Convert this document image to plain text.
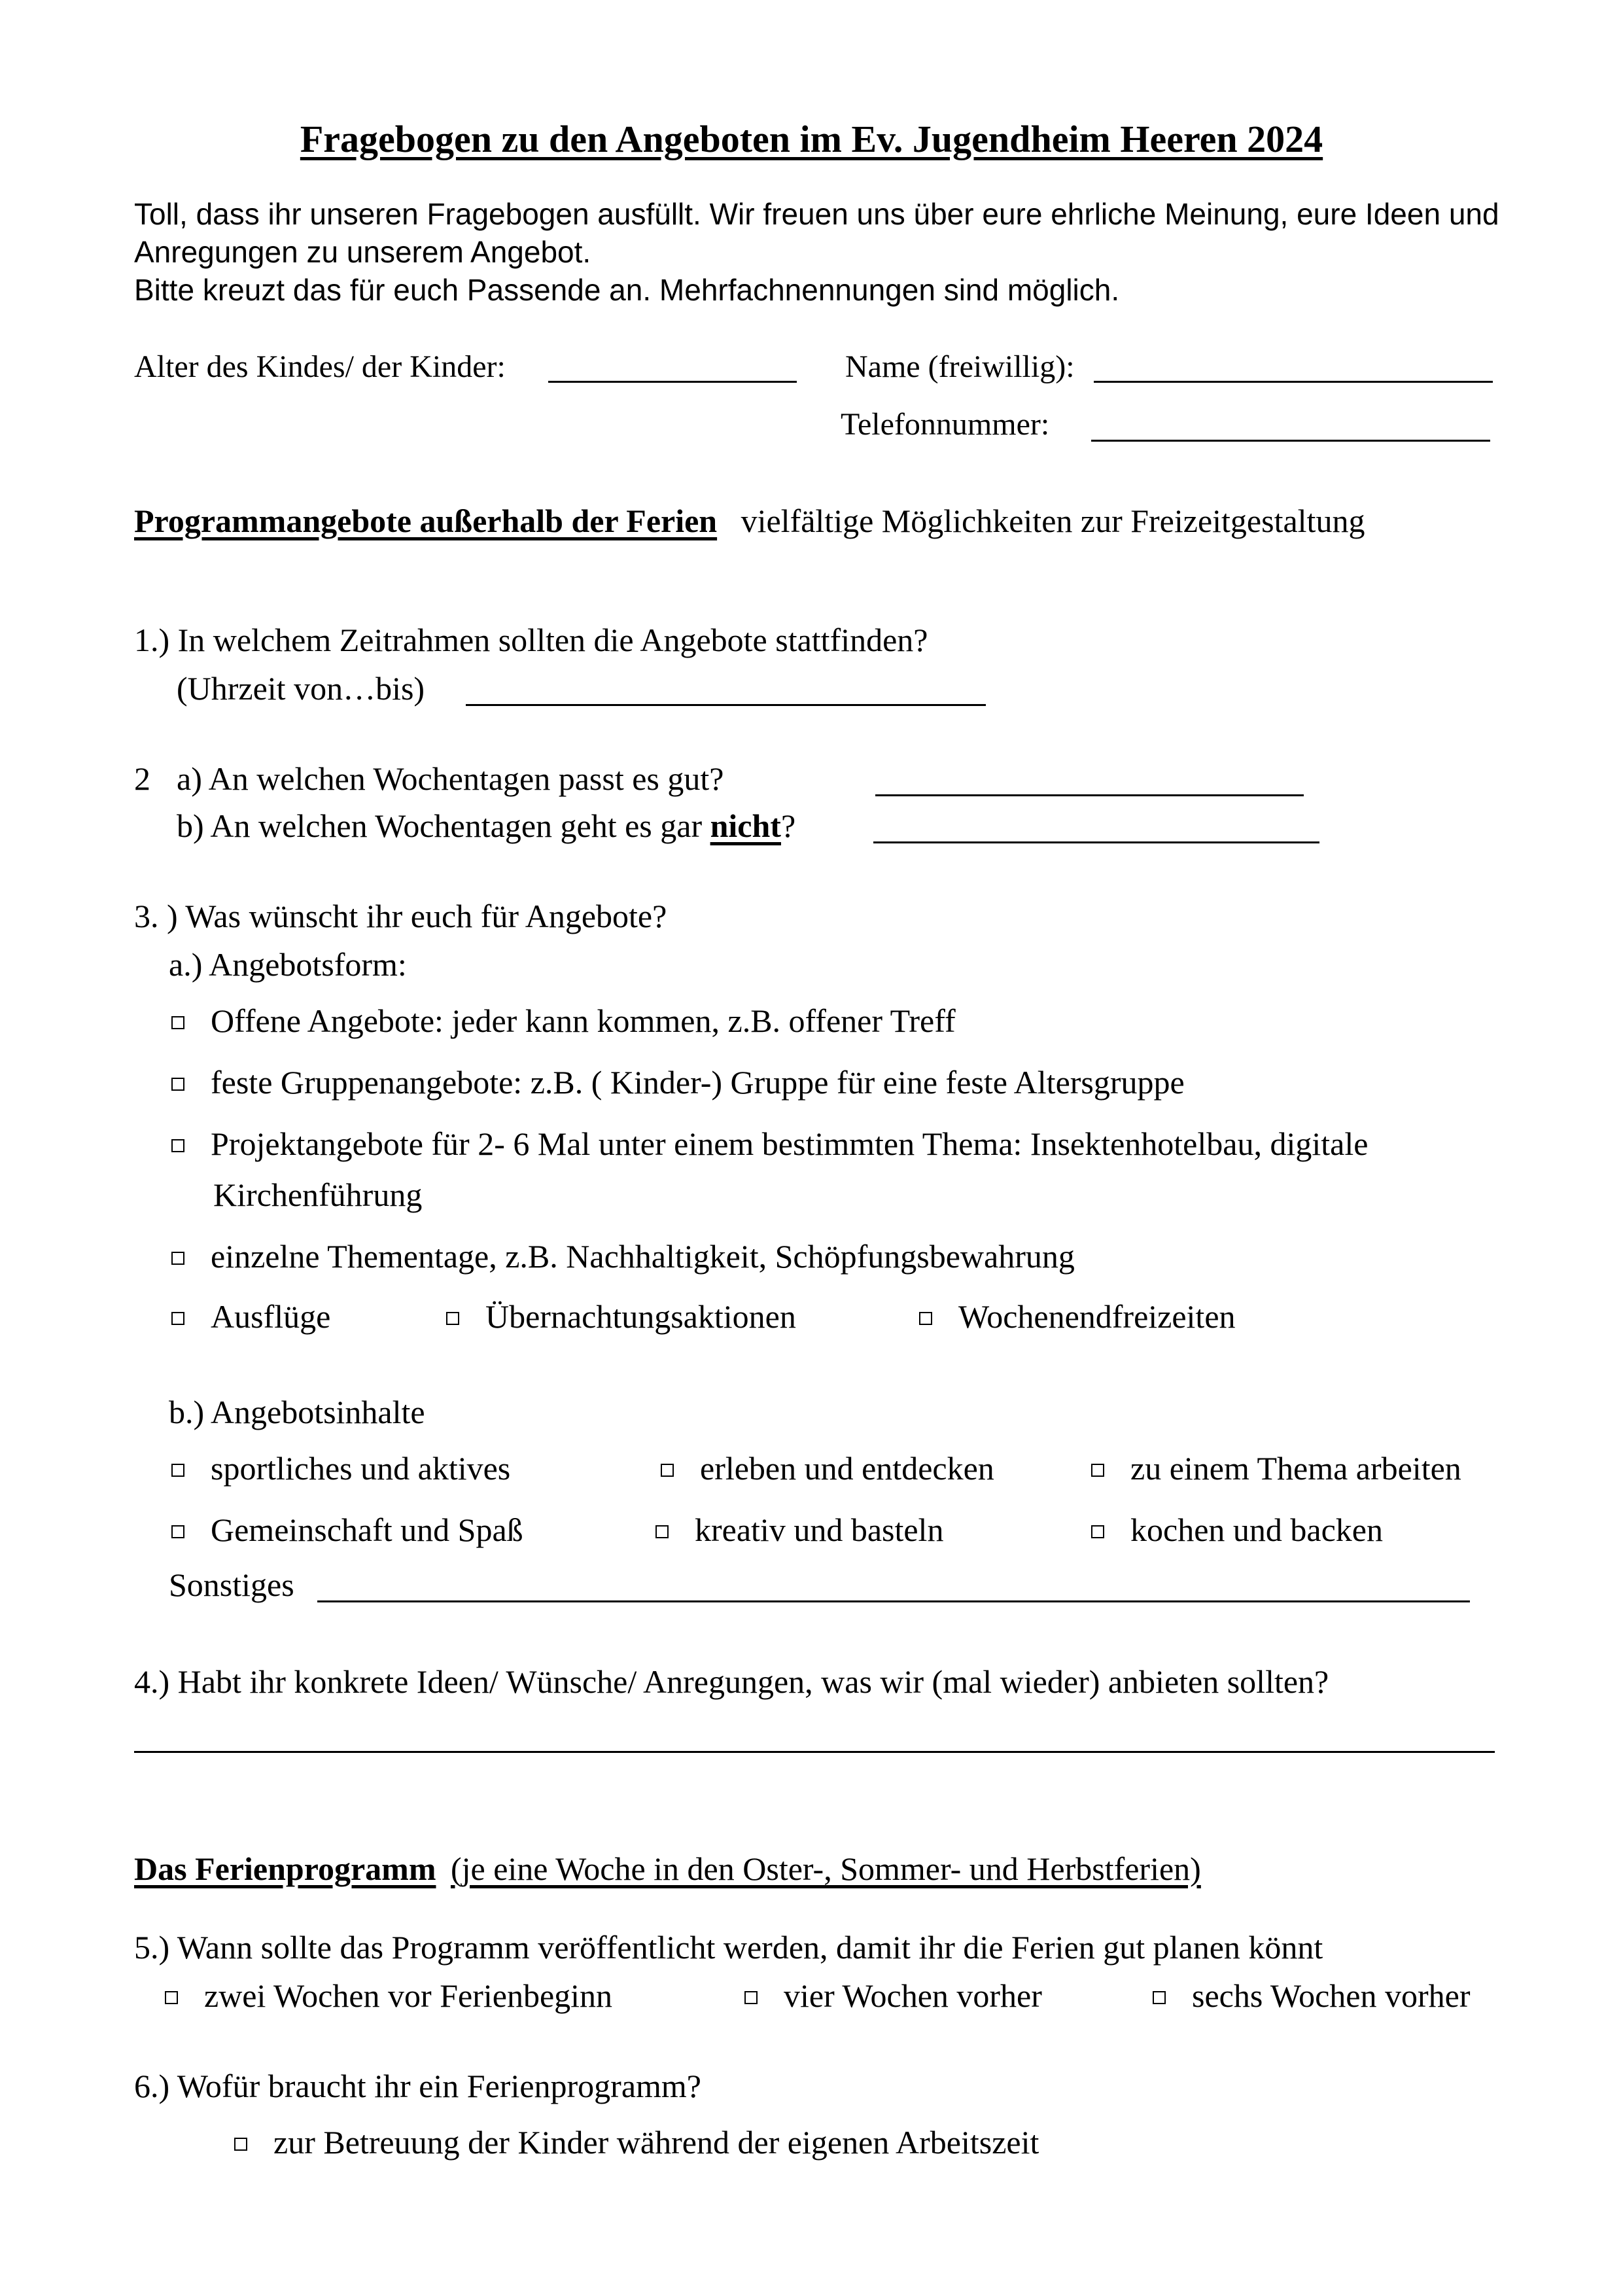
Fragebogen zu den Angeboten im Ev. Jugendheim Heeren 2024
Toll, dass ihr unseren Fragebogen ausfüllt. Wir freuen uns über eure ehrliche Meinung, eure Ideen und
Anregungen zu unserem Angebot.
Bitte kreuzt das für euch Passende an. Mehrfachnennungen sind möglich.
Alter des Kindes/ der Kinder:	Name (freiwillig):
Telefonnummer:
Programmangebote außerhalb der Ferien vielfältige Möglichkeiten zur Freizeitgestaltung
1.) In welchem Zeitrahmen sollten die Angebote stattfinden?
(Uhrzeit von…bis)
2 a) An welchen Wochentagen passt es gut?
b) An welchen Wochentagen geht es gar nicht?
3. ) Was wünscht ihr euch für Angebote?
a.) Angebotsform:
Offene Angebote: jeder kann kommen, z.B. offener Treff
feste Gruppenangebote: z.B. ( Kinder-) Gruppe für eine feste Altersgruppe
Projektangebote für 2- 6 Mal unter einem bestimmten Thema: Insektenhotelbau, digitale
Kirchenführung
einzelne Thementage, z.B. Nachhaltigkeit, Schöpfungsbewahrung
Ausflüge	Übernachtungsaktionen	Wochenendfreizeiten
b.) Angebotsinhalte
sportliches und aktives	erleben und entdecken	zu einem Thema arbeiten
Gemeinschaft und Spaß	kreativ und basteln	kochen und backen
Sonstiges
4.) Habt ihr konkrete Ideen/ Wünsche/ Anregungen, was wir (mal wieder) anbieten sollten?
Das Ferienprogramm (je eine Woche in den Oster-, Sommer- und Herbstferien)
5.) Wann sollte das Programm veröffentlicht werden, damit ihr die Ferien gut planen könnt
zwei Wochen vor Ferienbeginn	vier Wochen vorher	sechs Wochen vorher
6.) Wofür braucht ihr ein Ferienprogramm?
zur Betreuung der Kinder während der eigenen Arbeitszeit
